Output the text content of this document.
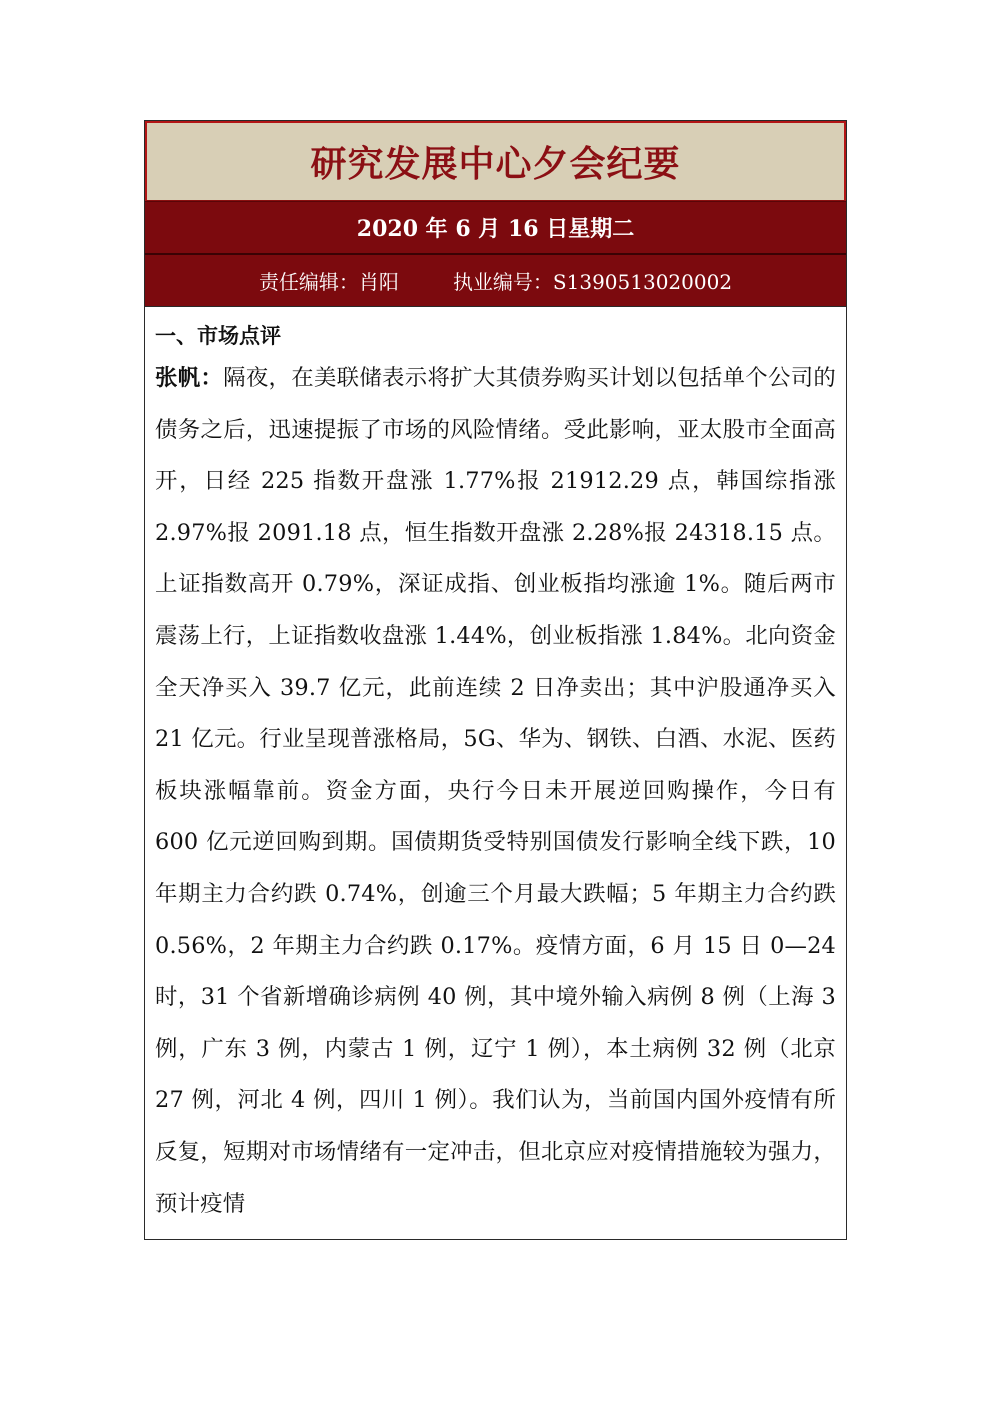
研究发展中心夕会纪要
2020 年 6 月 16 日星期二
责任编辑：肖阳	执业编号：S1390513020002

一、市场点评

张帆：隔夜，在美联储表示将扩大其债券购买计划以包括单个公司的债务之后，迅速提振了市场的风险情绪。受此影响，亚太股市全面高开，日经 225 指数开盘涨 1.77%报 21912.29 点，韩国综指涨 2.97%报 2091.18 点，恒生指数开盘涨 2.28%报 24318.15 点。上证指数高开 0.79%，深证成指、创业板指均涨逾 1%。随后两市震荡上行，上证指数收盘涨 1.44%，创业板指涨 1.84%。北向资金全天净买入 39.7 亿元，此前连续 2 日净卖出；其中沪股通净买入 21 亿元。行业呈现普涨格局，5G、华为、钢铁、白酒、水泥、医药板块涨幅靠前。资金方面，央行今日未开展逆回购操作，今日有 600 亿元逆回购到期。国债期货受特别国债发行影响全线下跌，10 年期主力合约跌 0.74%，创逾三个月最大跌幅；5 年期主力合约跌 0.56%，2 年期主力合约跌 0.17%。疫情方面，6 月 15 日 0—24 时，31 个省新增确诊病例 40 例，其中境外输入病例 8 例（上海 3 例，广东 3 例，内蒙古 1 例，辽宁 1 例），本土病例 32 例（北京 27 例，河北 4 例，四川 1 例）。我们认为，当前国内国外疫情有所反复，短期对市场情绪有一定冲击，但北京应对疫情措施较为强力，预计疫情
